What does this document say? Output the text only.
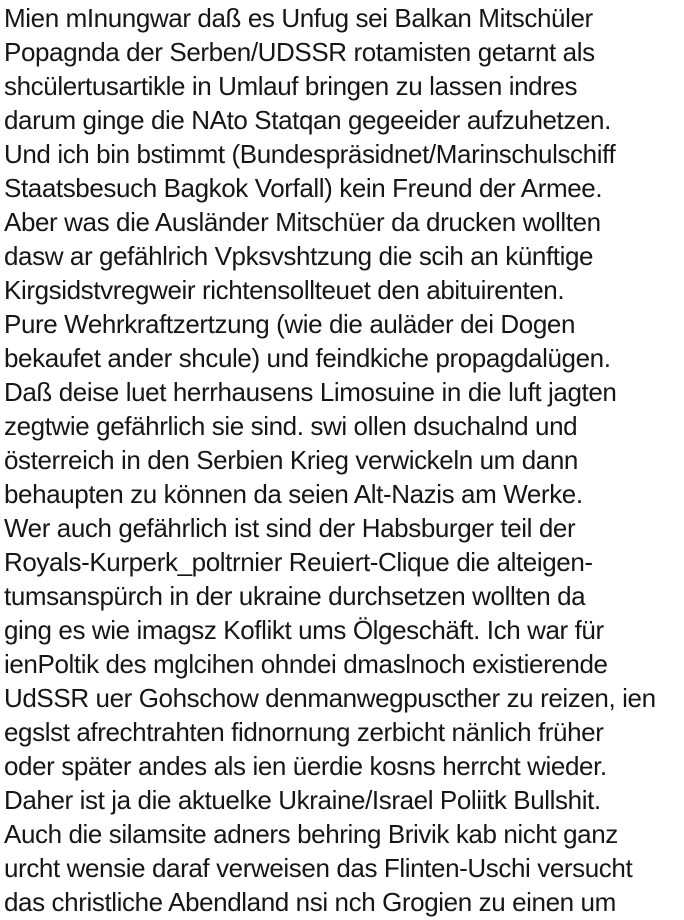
Mien mInungwar daß es Unfug sei Balkan Mitschüler
Popagnda der Serben/UDSSR rotamisten getarnt als
shcülertusartikle in Umlauf bringen zu lassen indres
darum ginge die NAto Statqan gegeeider aufzuhetzen.
Und ich bin bstimmt (Bundespräsidnet/Marinschulschiff
Staatsbesuch Bagkok Vorfall) kein Freund der Armee.
Aber was die Ausländer Mitschüer da drucken wollten
dasw ar gefählrich Vpksvshtzung die scih an künftige
Kirgsidstvregweir richtensollteuet den abituirenten.
Pure Wehrkraftzertzung (wie die auläder dei Dogen
bekaufet ander shcule) und feindkiche propagdalügen.
Daß deise luet herrhausens Limosuine in die luft jagten
zegtwie gefährlich sie sind. swi ollen dsuchalnd und
österreich in den Serbien Krieg verwickeln um dann
behaupten zu können da seien Alt-Nazis am Werke.
Wer auch gefährlich ist sind der Habsburger teil der
Royals-Kurperk_poltrnier Reuiert-Clique die alteigen-
tumsanspürch in der ukraine durchsetzen wollten da
ging es wie imagsz Koflikt ums Ölgeschäft. Ich war für
ienPoltik des mglcihen ohndei dmaslnoch existierende
UdSSR uer Gohschow denmanwegpuscther zu reizen, ien
egslst afrechtrahten fidnornung zerbicht nänlich früher
oder später andes als ien üerdie kosns herrcht wieder.
Daher ist ja die aktuelke Ukraine/Israel Poliitk Bullshit.
Auch die silamsite adners behring Brivik kab nicht ganz
urcht wensie daraf verweisen das Flinten-Uschi versucht
das christliche Abendland nsi nch Grogien zu einen um
